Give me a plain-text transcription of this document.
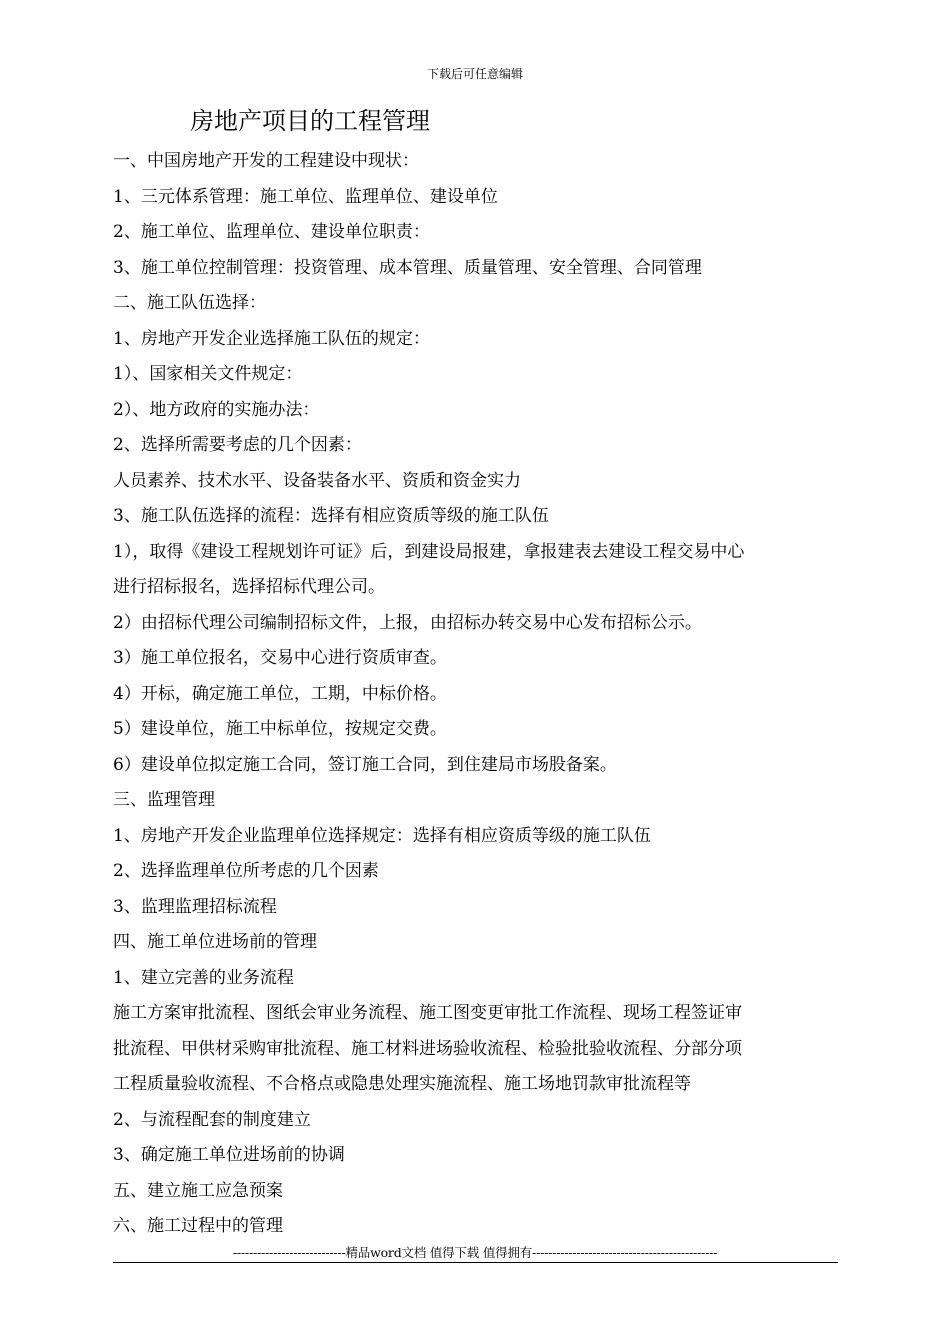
下载后可任意编辑
房地产项目的工程管理
一、中国房地产开发的工程建设中现状：
1、三元体系管理：施工单位、监理单位、建设单位
2、施工单位、监理单位、建设单位职责：
3、施工单位控制管理：投资管理、成本管理、质量管理、安全管理、合同管理
二、施工队伍选择：
1、房地产开发企业选择施工队伍的规定：
1）、国家相关文件规定：
2）、地方政府的实施办法：
2、选择所需要考虑的几个因素：
人员素养、技术水平、设备装备水平、资质和资金实力
3、施工队伍选择的流程：选择有相应资质等级的施工队伍
1），取得《建设工程规划许可证》后，到建设局报建，拿报建表去建设工程交易中心
进行招标报名，选择招标代理公司。
2）由招标代理公司编制招标文件，上报，由招标办转交易中心发布招标公示。
3）施工单位报名，交易中心进行资质审查。
4）开标，确定施工单位，工期，中标价格。
5）建设单位，施工中标单位，按规定交费。
6）建设单位拟定施工合同，签订施工合同，到住建局市场股备案。
三、监理管理
1、房地产开发企业监理单位选择规定：选择有相应资质等级的施工队伍
2、选择监理单位所考虑的几个因素
3、监理监理招标流程
四、施工单位进场前的管理
1、建立完善的业务流程
施工方案审批流程、图纸会审业务流程、施工图变更审批工作流程、现场工程签证审
批流程、甲供材采购审批流程、施工材料进场验收流程、检验批验收流程、分部分项
工程质量验收流程、不合格点或隐患处理实施流程、施工场地罚款审批流程等
2、与流程配套的制度建立
3、确定施工单位进场前的协调
五、建立施工应急预案
六、施工过程中的管理
----------------------------精品word文档 值得下载 值得拥有----------------------------------------------
